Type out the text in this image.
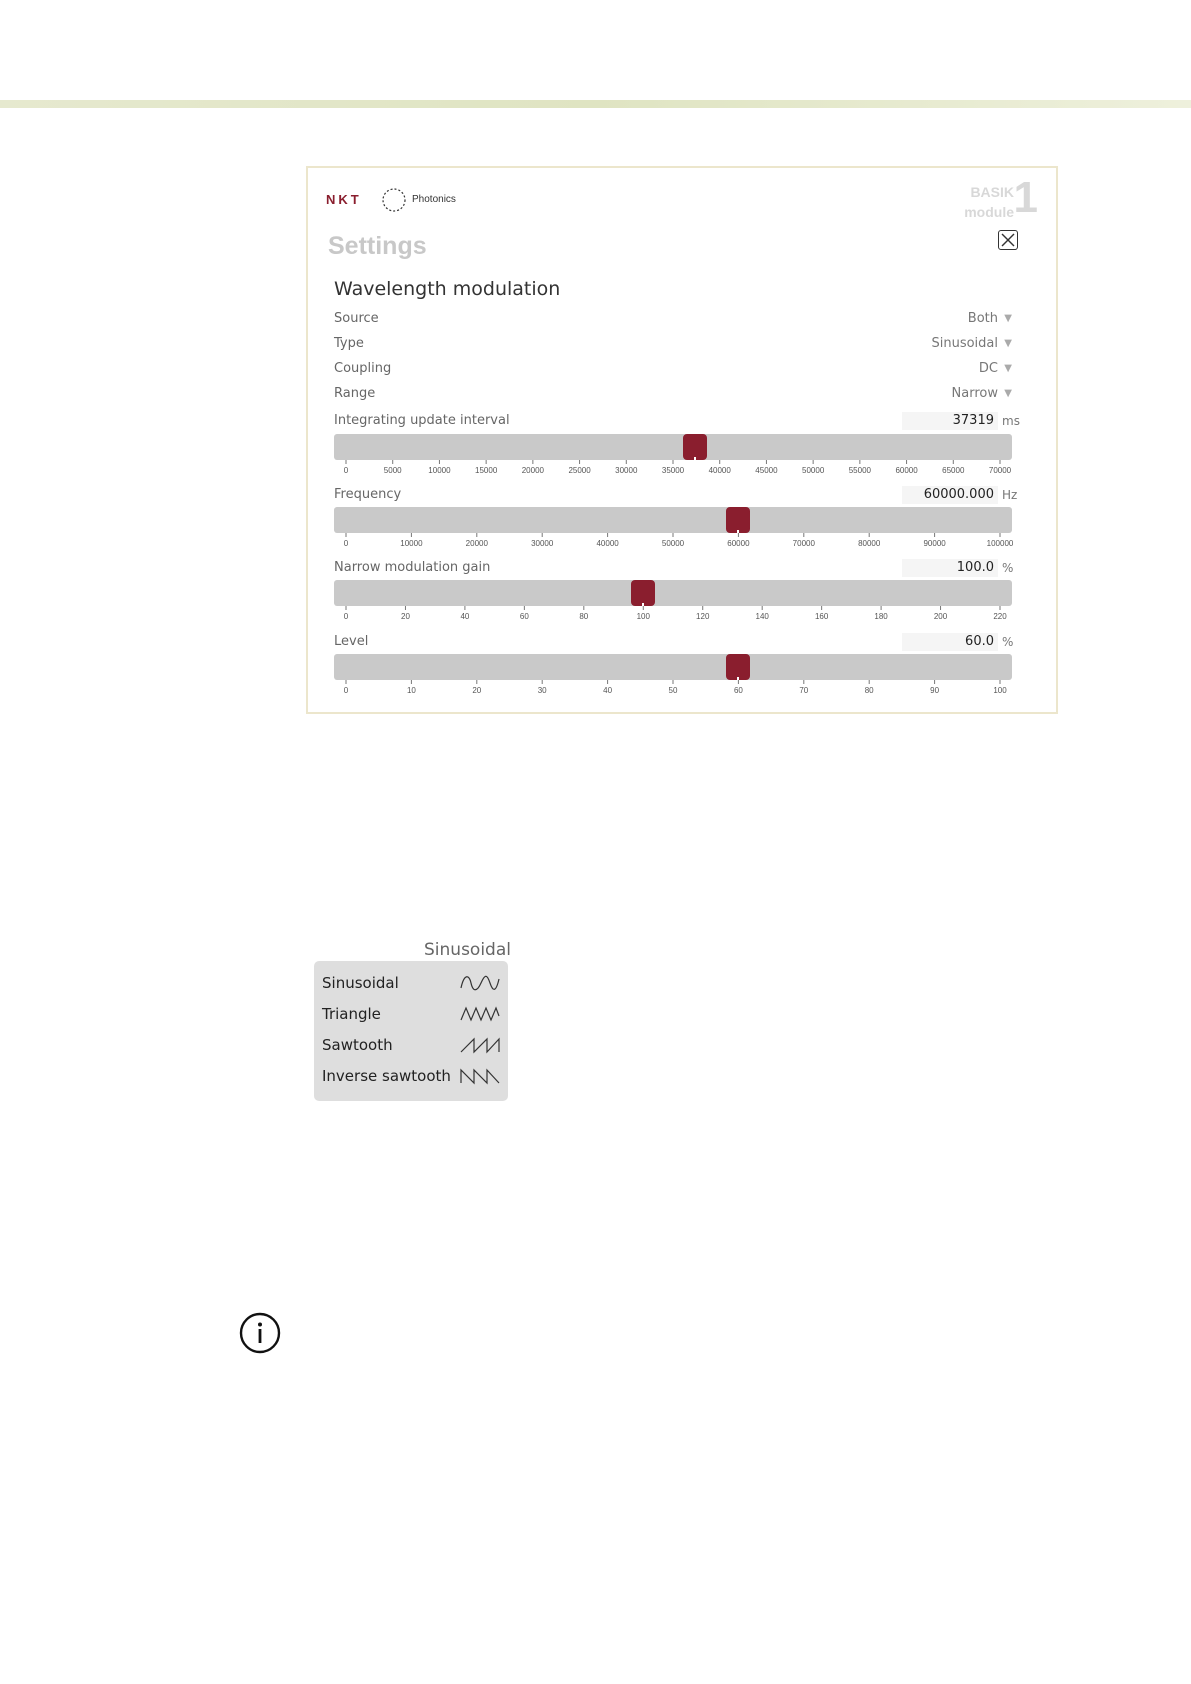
NKT	Photonics	BASIK
module 1
Settings
Wavelength modulation
Source	Both ▼
Type	Sinusoidal ▼
Coupling	DC ▼
Range	Narrow ▼
Integrating update interval	37319 ms
0	5000	10000	15000	20000	25000	30000	35000	40000	45000	50000	55000	60000	65000	70000
Frequency	60000.000 Hz
0	10000	20000	30000	40000	50000	60000	70000	80000	90000	100000
Narrow modulation gain	100.0 %
0	20	40	60	80	100	120	140	160	180	200	220
Level	60.0 %
0	10	20	30	40	50	60	70	80	90	100
Sinusoidal
Sinusoidal
Triangle
Sawtooth
Inverse sawtooth
